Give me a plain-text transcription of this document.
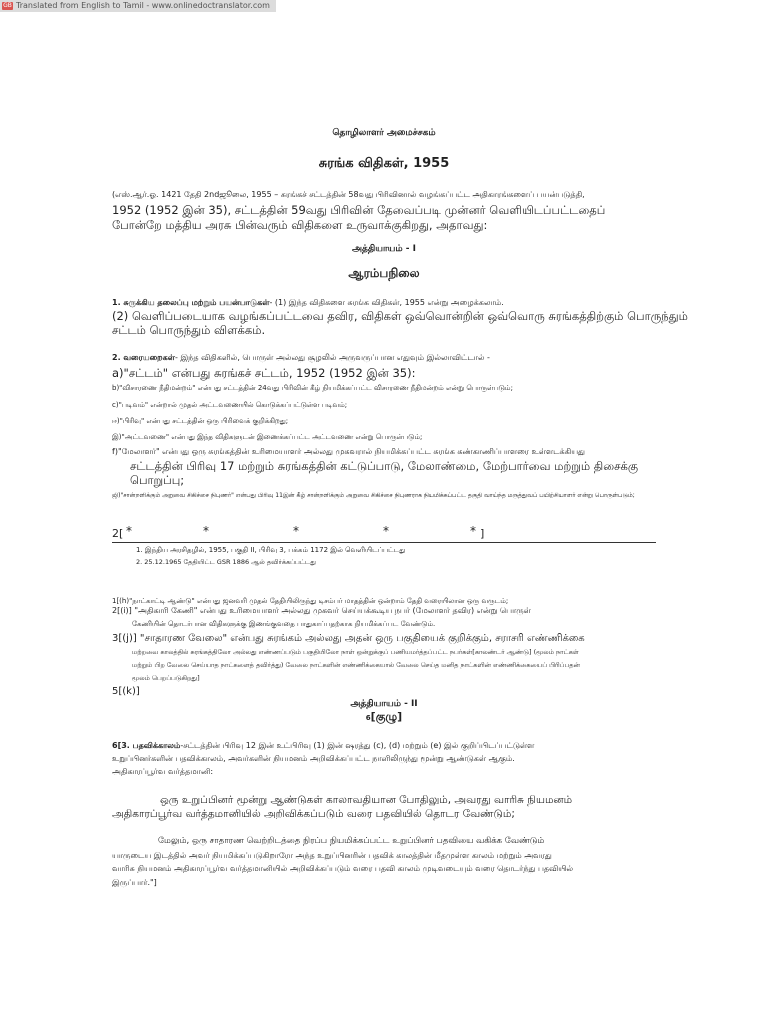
GB Translated from English to Tamil - www.onlinedoctranslator.com
தொழிலாளர் அமைச்சகம்
சுரங்க விதிகள், 1955
(எஸ்.ஆர்.ஓ. 1421 தேதி 2ndஜூலை, 1955 – சுரங்கச் சட்டத்தின் 58வது பிரிவினால் வழங்கப்பட்ட அதிகாரங்களைப் பயன்படுத்தி,
1952 (1952 இன் 35), சட்டத்தின் 59வது பிரிவின் தேவைப்படி முன்னர் வெளியிடப்பட்டதைப்
போன்றே மத்திய அரசு பின்வரும் விதிகளை உருவாக்குகிறது, அதாவது:
அத்தியாயம் - I
ஆரம்பநிலை
1. சுருக்கிய தலைப்பு மற்றும் பயன்பாடுகள்- (1) இந்த விதிகளை சுரங்க விதிகள், 1955 என்று அழைக்கலாம்.
(2) வெளிப்படையாக வழங்கப்பட்டவை தவிர, விதிகள் ஒவ்வொன்றின் ஒவ்வொரு சுரங்கத்திற்கும் பொருந்தும்
சட்டம் பொருந்தும் விளக்கம்.
2. வரையறைகள்- இந்த விதிகளில், பொருள் அல்லது சூழலில் அருவருப்பான எதுவும் இல்லாவிட்டால் -
a)"சட்டம்" என்பது சுரங்கச் சட்டம், 1952 (1952 இன் 35):
b)"விசாரணை நீதிமன்றம்" என்பது சட்டத்தின் 24வது பிரிவின் கீழ் நியமிக்கப்பட்ட விசாரணை நீதிமன்றம் என்று பொருள்படும்;
c)"படிவம்" என்றால் முதல் அட்டவணையில் கொடுக்கப்பட்டுள்ள படிவம்;
ஈ)"பிரிவு" என்பது சட்டத்தின் ஒரு பிரிவைக் குறிக்கிறது;
இ)"அட்டவணை" என்பது இந்த விதிகளுடன் இணைக்கப்பட்ட அட்டவணை என்று பொருள்படும்;
f)"மேலாளர்" என்பது ஒரு சுரங்கத்தின் உரிமையாளர் அல்லது முகவரால் நியமிக்கப்பட்ட சுரங்க கண்காணிப்பாளரை உள்ளடக்கியது
சட்டத்தின் பிரிவு 17 மற்றும் சுரங்கத்தின் கட்டுப்பாடு, மேலாண்மை, மேற்பார்வை மற்றும் திசைக்கு
பொறுப்பு;
ஜி)"சான்றளிக்கும் அறுவை சிகிச்சை நிபுணர்" என்பது பிரிவு 11இன் கீழ் சான்றளிக்கும் அறுவை சிகிச்சை நிபுணராக நியமிக்கப்பட்ட தகுதி வாய்ந்த மருத்துவப் பயிற்சியாளர் என்று பொருள்படும்;
2[ *	*	*	*	* ]
1. இந்திய அரசிதழில், 1955, பகுதி II, பிரிவு 3, பக்கம் 1172 இல் வெளியிடப்பட்டது
2. 25.12.1965 தேதியிட்ட GSR 1886 ஆல் தவிர்க்கப்பட்டது
1[(h)"நாட்காட்டி ஆண்டு" என்பது ஜனவரி முதல் தேதியிலிருந்து டிசம்பர் மாதத்தின் ஒன்றாம் தேதி வரையிலான ஒரு வருடம்;
2[(i)] "அதிகாரி கேணி" என்பது உரிமையாளர் அல்லது முகவர் செய்யக்கூடிய நபர் (மேலாளர் தவிர) என்று பொருள்
கேணியின் தொடர்பான விதிகளுக்கு இணங்குவதை பாதுகாப்பதற்காக நியமிக்கப்பட வேண்டும்.
3[(j)] "சாதாரண வேலை" என்பது சுரங்கம் அல்லது அதன் ஒரு பகுதியைக் குறிக்கும், சராசரி எண்ணிக்கை
மற்றவை காலத்தில் சுரங்கத்திலோ அல்லது எண்ணப்படும் பகுதியிலோ நாள் ஒன்றுக்குப் பணியமர்த்தப்பட்ட நபர்கள்[காலண்டர் ஆண்டு] (மூலம் நாட்கள்
மற்றும் பிற வேலை செய்யாத நாட்களைத் தவிர்த்து) வேலை நாட்களின் எண்ணிக்கையால் வேலை செய்த மனித நாட்களின் எண்ணிக்கையைப் பிரிப்பதன்
மூலம் பெறப்படுகிறது]
5[(k)]
அத்தியாயம் - II
6[குழு]
6[3. பதவிக்காலம்-சட்டத்தின் பிரிவு 12 இன் உட்பிரிவு (1) இன் ஷரத்து (c), (d) மற்றும் (e) இல் குறிப்பிடப்பட்டுள்ள
உறுப்பினர்களின் பதவிக்காலம், அவர்களின் நியமனம் அறிவிக்கப்பட்ட நாளிலிருந்து மூன்று ஆண்டுகள் ஆகும்.
அதிகாரப்பூர்வ வர்த்தமானி:
ஒரு உறுப்பினர் மூன்று ஆண்டுகள் காலாவதியான போதிலும், அவரது வாரிசு நியமனம்
அதிகாரப்பூர்வ வர்த்தமானியில் அறிவிக்கப்படும் வரை பதவியில் தொடர வேண்டும்;
மேலும், ஒரு சாதாரண வெற்றிடத்தை நிரப்ப நியமிக்கப்பட்ட உறுப்பினர் பதவியை வகிக்க வேண்டும்
யாருடைய இடத்தில் அவர் நியமிக்கப்படுகிறாரோ அந்த உறுப்பினரின் பதவிக் காலத்தின் மீதமுள்ள காலம் மற்றும் அவரது
வாரிசு நியமனம் அதிகாரப்பூர்வ வர்த்தமானியில் அறிவிக்கப்படும் வரை பதவி காலம் முடிவடையும் வரை தொடர்ந்து பதவியில்
இருப்பார்."]
